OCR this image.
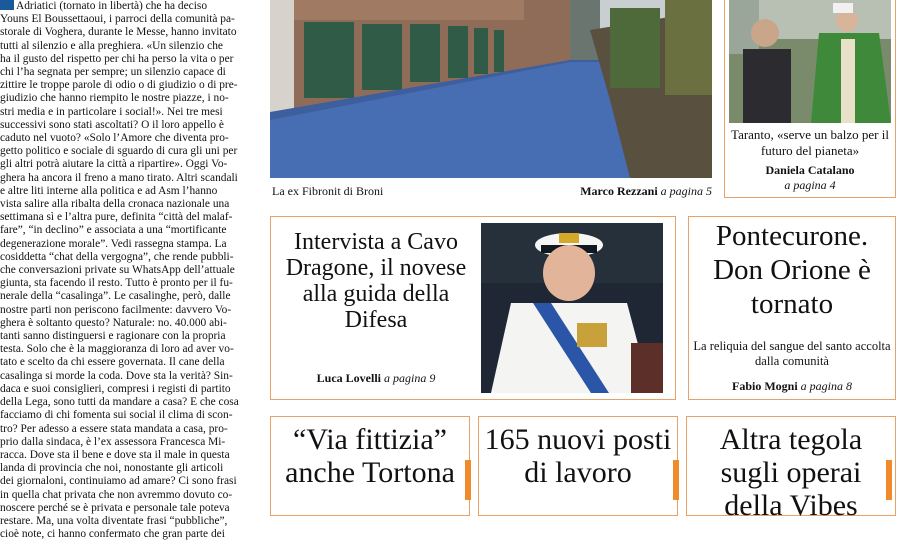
Adriatici (tornato in libertà) che ha deciso
Youns El Boussettaoui, i parroci della comunità pa-
storale di Voghera, durante le Messe, hanno invitato
tutti al silenzio e alla preghiera. «Un silenzio che
ha il gusto del rispetto per chi ha perso la vita o per
chi l’ha segnata per sempre; un silenzio capace di
zittire le troppe parole di odio o di giudizio o di pre-
giudizio che hanno riempito le nostre piazze, i no-
stri media e in particolare i social!». Nei tre mesi
successivi sono stati ascoltati? O il loro appello è
caduto nel vuoto? «Solo l’Amore che diventa pro-
getto politico e sociale di sguardo di cura gli uni per
gli altri potrà aiutare la città a ripartire». Oggi Vo-
ghera ha ancora il freno a mano tirato. Altri scandali
e altre liti interne alla politica e ad Asm l’hanno
vista salire alla ribalta della cronaca nazionale una
settimana sì e l’altra pure, definita “città del malaf-
fare”, “in declino” e associata a una “mortificante
degenerazione morale”. Vedi rassegna stampa. La
cosiddetta “chat della vergogna”, che rende pubbli-
che conversazioni private su WhatsApp dell’attuale
giunta, sta facendo il resto. Tutto è pronto per il fu-
nerale della “casalinga”. Le casalinghe, però, dalle
nostre parti non periscono facilmente: davvero Vo-
ghera è soltanto questo? Naturale: no. 40.000 abi-
tanti sanno distinguersi e ragionare con la propria
testa. Solo che è la maggioranza di loro ad aver vo-
tato e scelto da chi essere governata. Il cane della
casalinga si morde la coda. Dove sta la verità? Sin-
daca e suoi consiglieri, compresi i registi di partito
della Lega, sono tutti da mandare a casa? E che cosa
facciamo di chi fomenta sui social il clima di scon-
tro? Per adesso a essere stata mandata a casa, pro-
prio dalla sindaca, è l’ex assessora Francesca Mi-
racca. Dove sta il bene e dove sta il male in questa
landa di provincia che noi, nonostante gli articoli
dei giornaloni, continuiamo ad amare? Ci sono frasi
in quella chat privata che non avremmo dovuto co-
noscere perché se è privata e personale tale poteva
restare. Ma, una volta diventate frasi “pubbliche”,
cioè note, ci hanno confermato che gran parte dei

La ex Fibronit di Broni	Marco Rezzani a pagina 5
Taranto, «serve un balzo per il futuro del pianeta»
Daniela Catalano
a pagina 4
Intervista a Cavo Dragone, il novese alla guida della Difesa
Luca Lovelli a pagina 9
Pontecurone. Don Orione è tornato
La reliquia del sangue del santo accolta dalla comunità
Fabio Mogni a pagina 8
“Via fittizia” anche Tortona
165 nuovi posti di lavoro
Altra tegola sugli operai della Vibes
